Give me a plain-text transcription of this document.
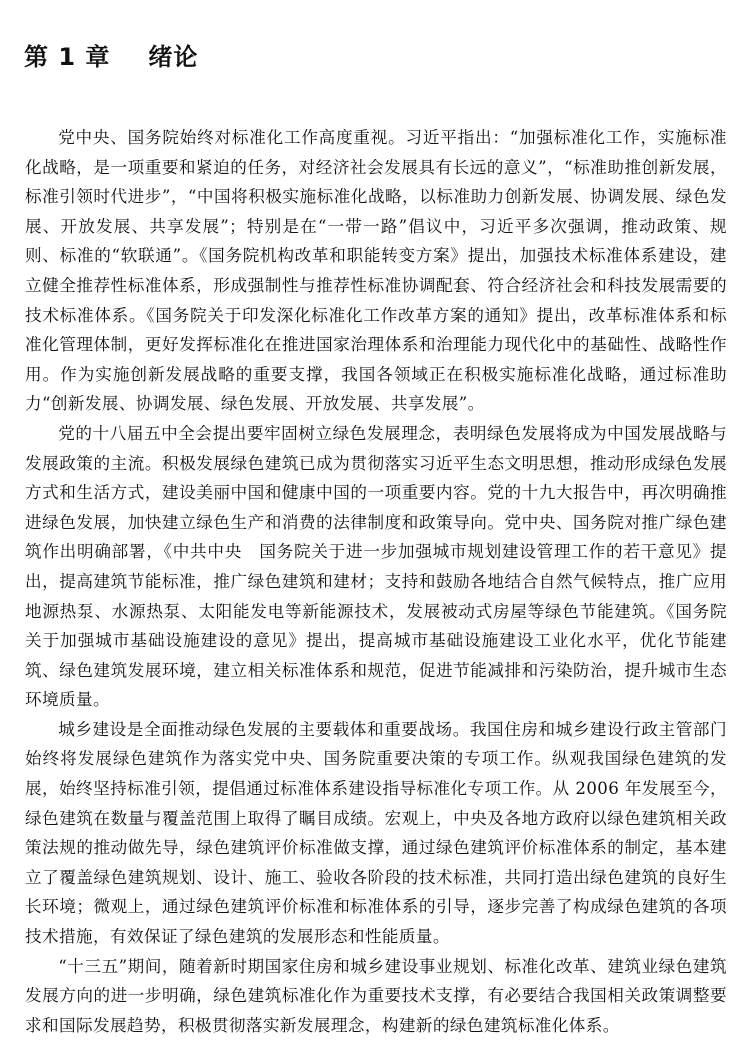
第 1 章 绪论

党中央、国务院始终对标准化工作高度重视。习近平指出：“加强标准化工作，实施标准化战略，是一项重要和紧迫的任务，对经济社会发展具有长远的意义”，“标准助推创新发展，标准引领时代进步”，“中国将积极实施标准化战略，以标准助力创新发展、协调发展、绿色发展、开放发展、共享发展”；特别是在“一带一路”倡议中，习近平多次强调，推动政策、规则、标准的“软联通”。《国务院机构改革和职能转变方案》提出，加强技术标准体系建设，建立健全推荐性标准体系，形成强制性与推荐性标准协调配套、符合经济社会和科技发展需要的技术标准体系。《国务院关于印发深化标准化工作改革方案的通知》提出，改革标准体系和标准化管理体制，更好发挥标准化在推进国家治理体系和治理能力现代化中的基础性、战略性作用。作为实施创新发展战略的重要支撑，我国各领域正在积极实施标准化战略，通过标准助力“创新发展、协调发展、绿色发展、开放发展、共享发展”。

党的十八届五中全会提出要牢固树立绿色发展理念，表明绿色发展将成为中国发展战略与发展政策的主流。积极发展绿色建筑已成为贯彻落实习近平生态文明思想，推动形成绿色发展方式和生活方式，建设美丽中国和健康中国的一项重要内容。党的十九大报告中，再次明确推进绿色发展，加快建立绿色生产和消费的法律制度和政策导向。党中央、国务院对推广绿色建筑作出明确部署，《中共中央　国务院关于进一步加强城市规划建设管理工作的若干意见》提出，提高建筑节能标准，推广绿色建筑和建材；支持和鼓励各地结合自然气候特点，推广应用地源热泵、水源热泵、太阳能发电等新能源技术，发展被动式房屋等绿色节能建筑。《国务院关于加强城市基础设施建设的意见》提出，提高城市基础设施建设工业化水平，优化节能建筑、绿色建筑发展环境，建立相关标准体系和规范，促进节能减排和污染防治，提升城市生态环境质量。

城乡建设是全面推动绿色发展的主要载体和重要战场。我国住房和城乡建设行政主管部门始终将发展绿色建筑作为落实党中央、国务院重要决策的专项工作。纵观我国绿色建筑的发展，始终坚持标准引领，提倡通过标准体系建设指导标准化专项工作。从 2006 年发展至今，绿色建筑在数量与覆盖范围上取得了瞩目成绩。宏观上，中央及各地方政府以绿色建筑相关政策法规的推动做先导，绿色建筑评价标准做支撑，通过绿色建筑评价标准体系的制定，基本建立了覆盖绿色建筑规划、设计、施工、验收各阶段的技术标准，共同打造出绿色建筑的良好生长环境；微观上，通过绿色建筑评价标准和标准体系的引导，逐步完善了构成绿色建筑的各项技术措施，有效保证了绿色建筑的发展形态和性能质量。

“十三五”期间，随着新时期国家住房和城乡建设事业规划、标准化改革、建筑业绿色建筑发展方向的进一步明确，绿色建筑标准化作为重要技术支撑，有必要结合我国相关政策调整要求和国际发展趋势，积极贯彻落实新发展理念，构建新的绿色建筑标准化体系。
